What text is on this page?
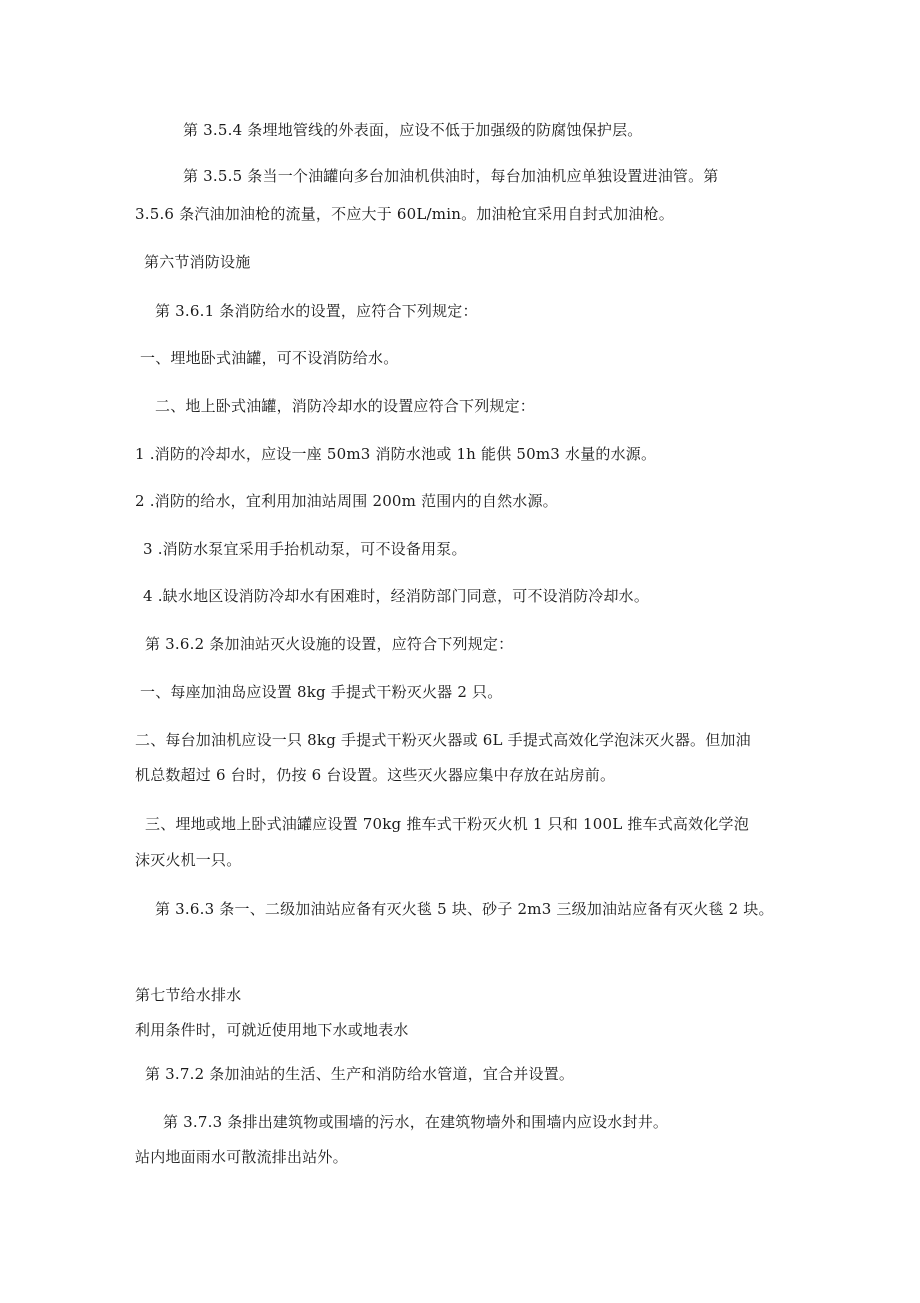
第 3.5.4 条埋地管线的外表面，应设不低于加强级的防腐蚀保护层。
第 3.5.5 条当一个油罐向多台加油机供油时，每台加油机应单独设置进油管。第
3.5.6 条汽油加油枪的流量，不应大于 60L/min。加油枪宜采用自封式加油枪。
第六节消防设施
第 3.6.1 条消防给水的设置，应符合下列规定：
一、埋地卧式油罐，可不设消防给水。
二、地上卧式油罐，消防冷却水的设置应符合下列规定：
1 .消防的冷却水，应设一座 50m3 消防水池或 1h 能供 50m3 水量的水源。
2 .消防的给水，宜利用加油站周围 200m 范围内的自然水源。
3 .消防水泵宜采用手抬机动泵，可不设备用泵。
4 .缺水地区设消防冷却水有困难时，经消防部门同意，可不设消防冷却水。
第 3.6.2 条加油站灭火设施的设置，应符合下列规定：
一、每座加油岛应设置 8kg 手提式干粉灭火器 2 只。
二、每台加油机应设一只 8kg 手提式干粉灭火器或 6L 手提式高效化学泡沫灭火器。但加油
机总数超过 6 台时，仍按 6 台设置。这些灭火器应集中存放在站房前。
三、埋地或地上卧式油罐应设置 70kg 推车式干粉灭火机 1 只和 100L 推车式高效化学泡
沫灭火机一只。
第 3.6.3 条一、二级加油站应备有灭火毯 5 块、砂子 2m3 三级加油站应备有灭火毯 2 块。
第七节给水排水
利用条件时，可就近使用地下水或地表水
第 3.7.2 条加油站的生活、生产和消防给水管道，宜合并设置。
第 3.7.3 条排出建筑物或围墙的污水，在建筑物墙外和围墙内应设水封井。
站内地面雨水可散流排出站外。
